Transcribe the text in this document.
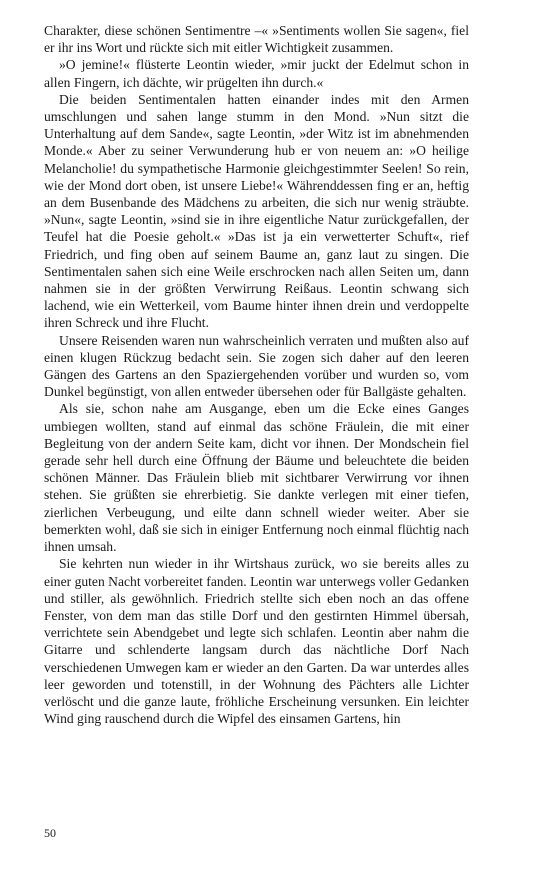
Charakter, diese schönen Sentimentre –« »Sentiments wollen Sie sagen«, fiel er ihr ins Wort und rückte sich mit eitler Wichtigkeit zusammen.

»O jemine!« flüsterte Leontin wieder, »mir juckt der Edelmut schon in allen Fingern, ich dächte, wir prügelten ihn durch.«

Die beiden Sentimentalen hatten einander indes mit den Armen umschlungen und sahen lange stumm in den Mond. »Nun sitzt die Unterhaltung auf dem Sande«, sagte Leontin, »der Witz ist im abnehmenden Monde.« Aber zu seiner Verwunderung hub er von neuem an: »O heilige Melancholie! du sympathetische Harmonie gleichgestimmter Seelen! So rein, wie der Mond dort oben, ist unsere Liebe!« Währenddessen fing er an, heftig an dem Busenbande des Mädchens zu arbeiten, die sich nur wenig sträubte. »Nun«, sagte Leontin, »sind sie in ihre eigentliche Natur zurückgefallen, der Teufel hat die Poesie geholt.« »Das ist ja ein verwetterter Schuft«, rief Friedrich, und fing oben auf seinem Baume an, ganz laut zu singen. Die Sentimentalen sahen sich eine Weile erschrocken nach allen Seiten um, dann nahmen sie in der größten Verwirrung Reißaus. Leontin schwang sich lachend, wie ein Wetterkeil, vom Baume hinter ihnen drein und verdoppelte ihren Schreck und ihre Flucht.

Unsere Reisenden waren nun wahrscheinlich verraten und mußten also auf einen klugen Rückzug bedacht sein. Sie zogen sich daher auf den leeren Gängen des Gartens an den Spaziergehenden vorüber und wurden so, vom Dunkel begünstigt, von allen entweder übersehen oder für Ballgäste gehalten.

Als sie, schon nahe am Ausgange, eben um die Ecke eines Ganges umbiegen wollten, stand auf einmal das schöne Fräulein, die mit einer Begleitung von der andern Seite kam, dicht vor ihnen. Der Mondschein fiel gerade sehr hell durch eine Öffnung der Bäume und beleuchtete die beiden schönen Männer. Das Fräulein blieb mit sichtbarer Verwirrung vor ihnen stehen. Sie grüßten sie ehrerbietig. Sie dankte verlegen mit einer tiefen, zierlichen Verbeugung, und eilte dann schnell wieder weiter. Aber sie bemerkten wohl, daß sie sich in einiger Entfernung noch einmal flüchtig nach ihnen umsah.

Sie kehrten nun wieder in ihr Wirtshaus zurück, wo sie bereits alles zu einer guten Nacht vorbereitet fanden. Leontin war unterwegs voller Gedanken und stiller, als gewöhnlich. Friedrich stellte sich eben noch an das offene Fenster, von dem man das stille Dorf und den gestirnten Himmel übersah, verrichtete sein Abendgebet und legte sich schlafen. Leontin aber nahm die Gitarre und schlenderte langsam durch das nächtliche Dorf Nach verschiedenen Umwegen kam er wieder an den Garten. Da war unterdes alles leer geworden und totenstill, in der Wohnung des Pächters alle Lichter verlöscht und die ganze laute, fröhliche Erscheinung versunken. Ein leichter Wind ging rauschend durch die Wipfel des einsamen Gartens, hin

50
